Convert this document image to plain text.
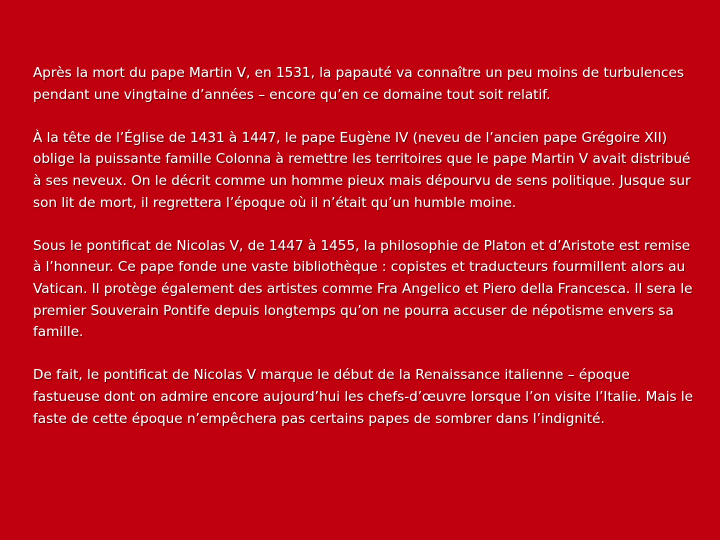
Après la mort du pape Martin V, en 1531, la papauté va connaître un peu moins de turbulences pendant une vingtaine d’années – encore qu’en ce domaine tout soit relatif.

À la tête de l’Église de 1431 à 1447, le pape Eugène IV (neveu de l’ancien pape Grégoire XII) oblige la puissante famille Colonna à remettre les territoires que le pape Martin V avait distribué à ses neveux. On le décrit comme un homme pieux mais dépourvu de sens politique. Jusque sur son lit de mort, il regrettera l’époque où il n’était qu’un humble moine.

Sous le pontificat de Nicolas V, de 1447 à 1455, la philosophie de Platon et d’Aristote est remise à l’honneur. Ce pape fonde une vaste bibliothèque : copistes et traducteurs fourmillent alors au Vatican. Il protège également des artistes comme Fra Angelico et Piero della Francesca. Il sera le premier Souverain Pontife depuis longtemps qu’on ne pourra accuser de népotisme envers sa famille.

De fait, le pontificat de Nicolas V marque le début de la Renaissance italienne – époque fastueuse dont on admire encore aujourd’hui les chefs-d’œuvre lorsque l’on visite l’Italie. Mais le faste de cette époque n’empêchera pas certains papes de sombrer dans l’indignité.
